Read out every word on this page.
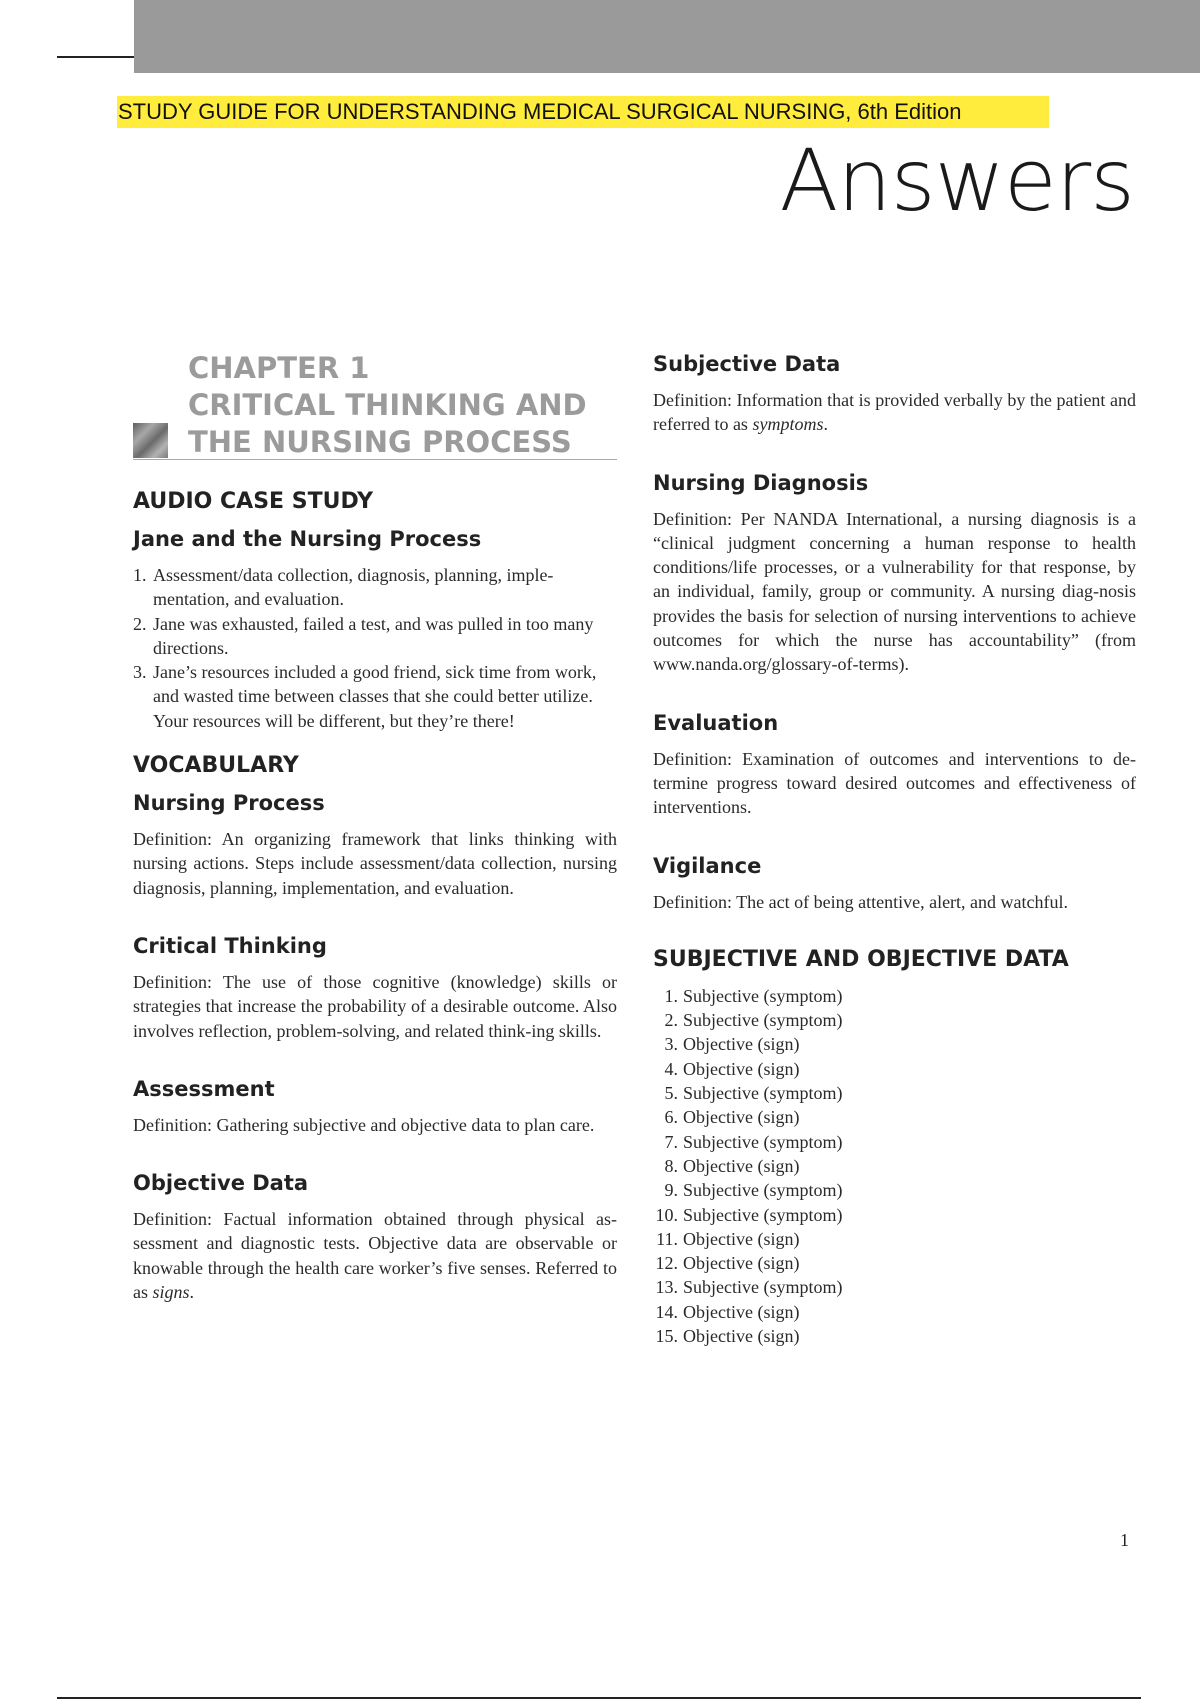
STUDY GUIDE FOR UNDERSTANDING MEDICAL SURGICAL NURSING, 6th Edition
Answers
CHAPTER 1
CRITICAL THINKING AND
THE NURSING PROCESS
AUDIO CASE STUDY
Jane and the Nursing Process
1. Assessment/data collection, diagnosis, planning, imple-mentation, and evaluation.
2. Jane was exhausted, failed a test, and was pulled in too many directions.
3. Jane’s resources included a good friend, sick time from work, and wasted time between classes that she could better utilize. Your resources will be different, but they’re there!
VOCABULARY
Nursing Process

Definition: An organizing framework that links thinking with nursing actions. Steps include assessment/data collection, nursing diagnosis, planning, implementation, and evaluation.

Critical Thinking

Definition: The use of those cognitive (knowledge) skills or strategies that increase the probability of a desirable outcome. Also involves reflection, problem-solving, and related think-ing skills.

Assessment

Definition: Gathering subjective and objective data to plan care.

Objective Data

Definition: Factual information obtained through physical as-sessment and diagnostic tests. Objective data are observable or knowable through the health care worker’s five senses. Referred to as signs.

Subjective Data

Definition: Information that is provided verbally by the patient and referred to as symptoms.

Nursing Diagnosis

Definition: Per NANDA International, a nursing diagnosis is a “clinical judgment concerning a human response to health conditions/life processes, or a vulnerability for that response, by an individual, family, group or community. A nursing diag-nosis provides the basis for selection of nursing interventions to achieve outcomes for which the nurse has accountability” (from www.nanda.org/glossary-of-terms).

Evaluation

Definition: Examination of outcomes and interventions to de-termine progress toward desired outcomes and effectiveness of interventions.

Vigilance

Definition: The act of being attentive, alert, and watchful.

SUBJECTIVE AND OBJECTIVE DATA
1. Subjective (symptom)
2. Subjective (symptom)
3. Objective (sign)
4. Objective (sign)
5. Subjective (symptom)
6. Objective (sign)
7. Subjective (symptom)
8. Objective (sign)
9. Subjective (symptom)
10. Subjective (symptom)
11. Objective (sign)
12. Objective (sign)
13. Subjective (symptom)
14. Objective (sign)
15. Objective (sign)
1
